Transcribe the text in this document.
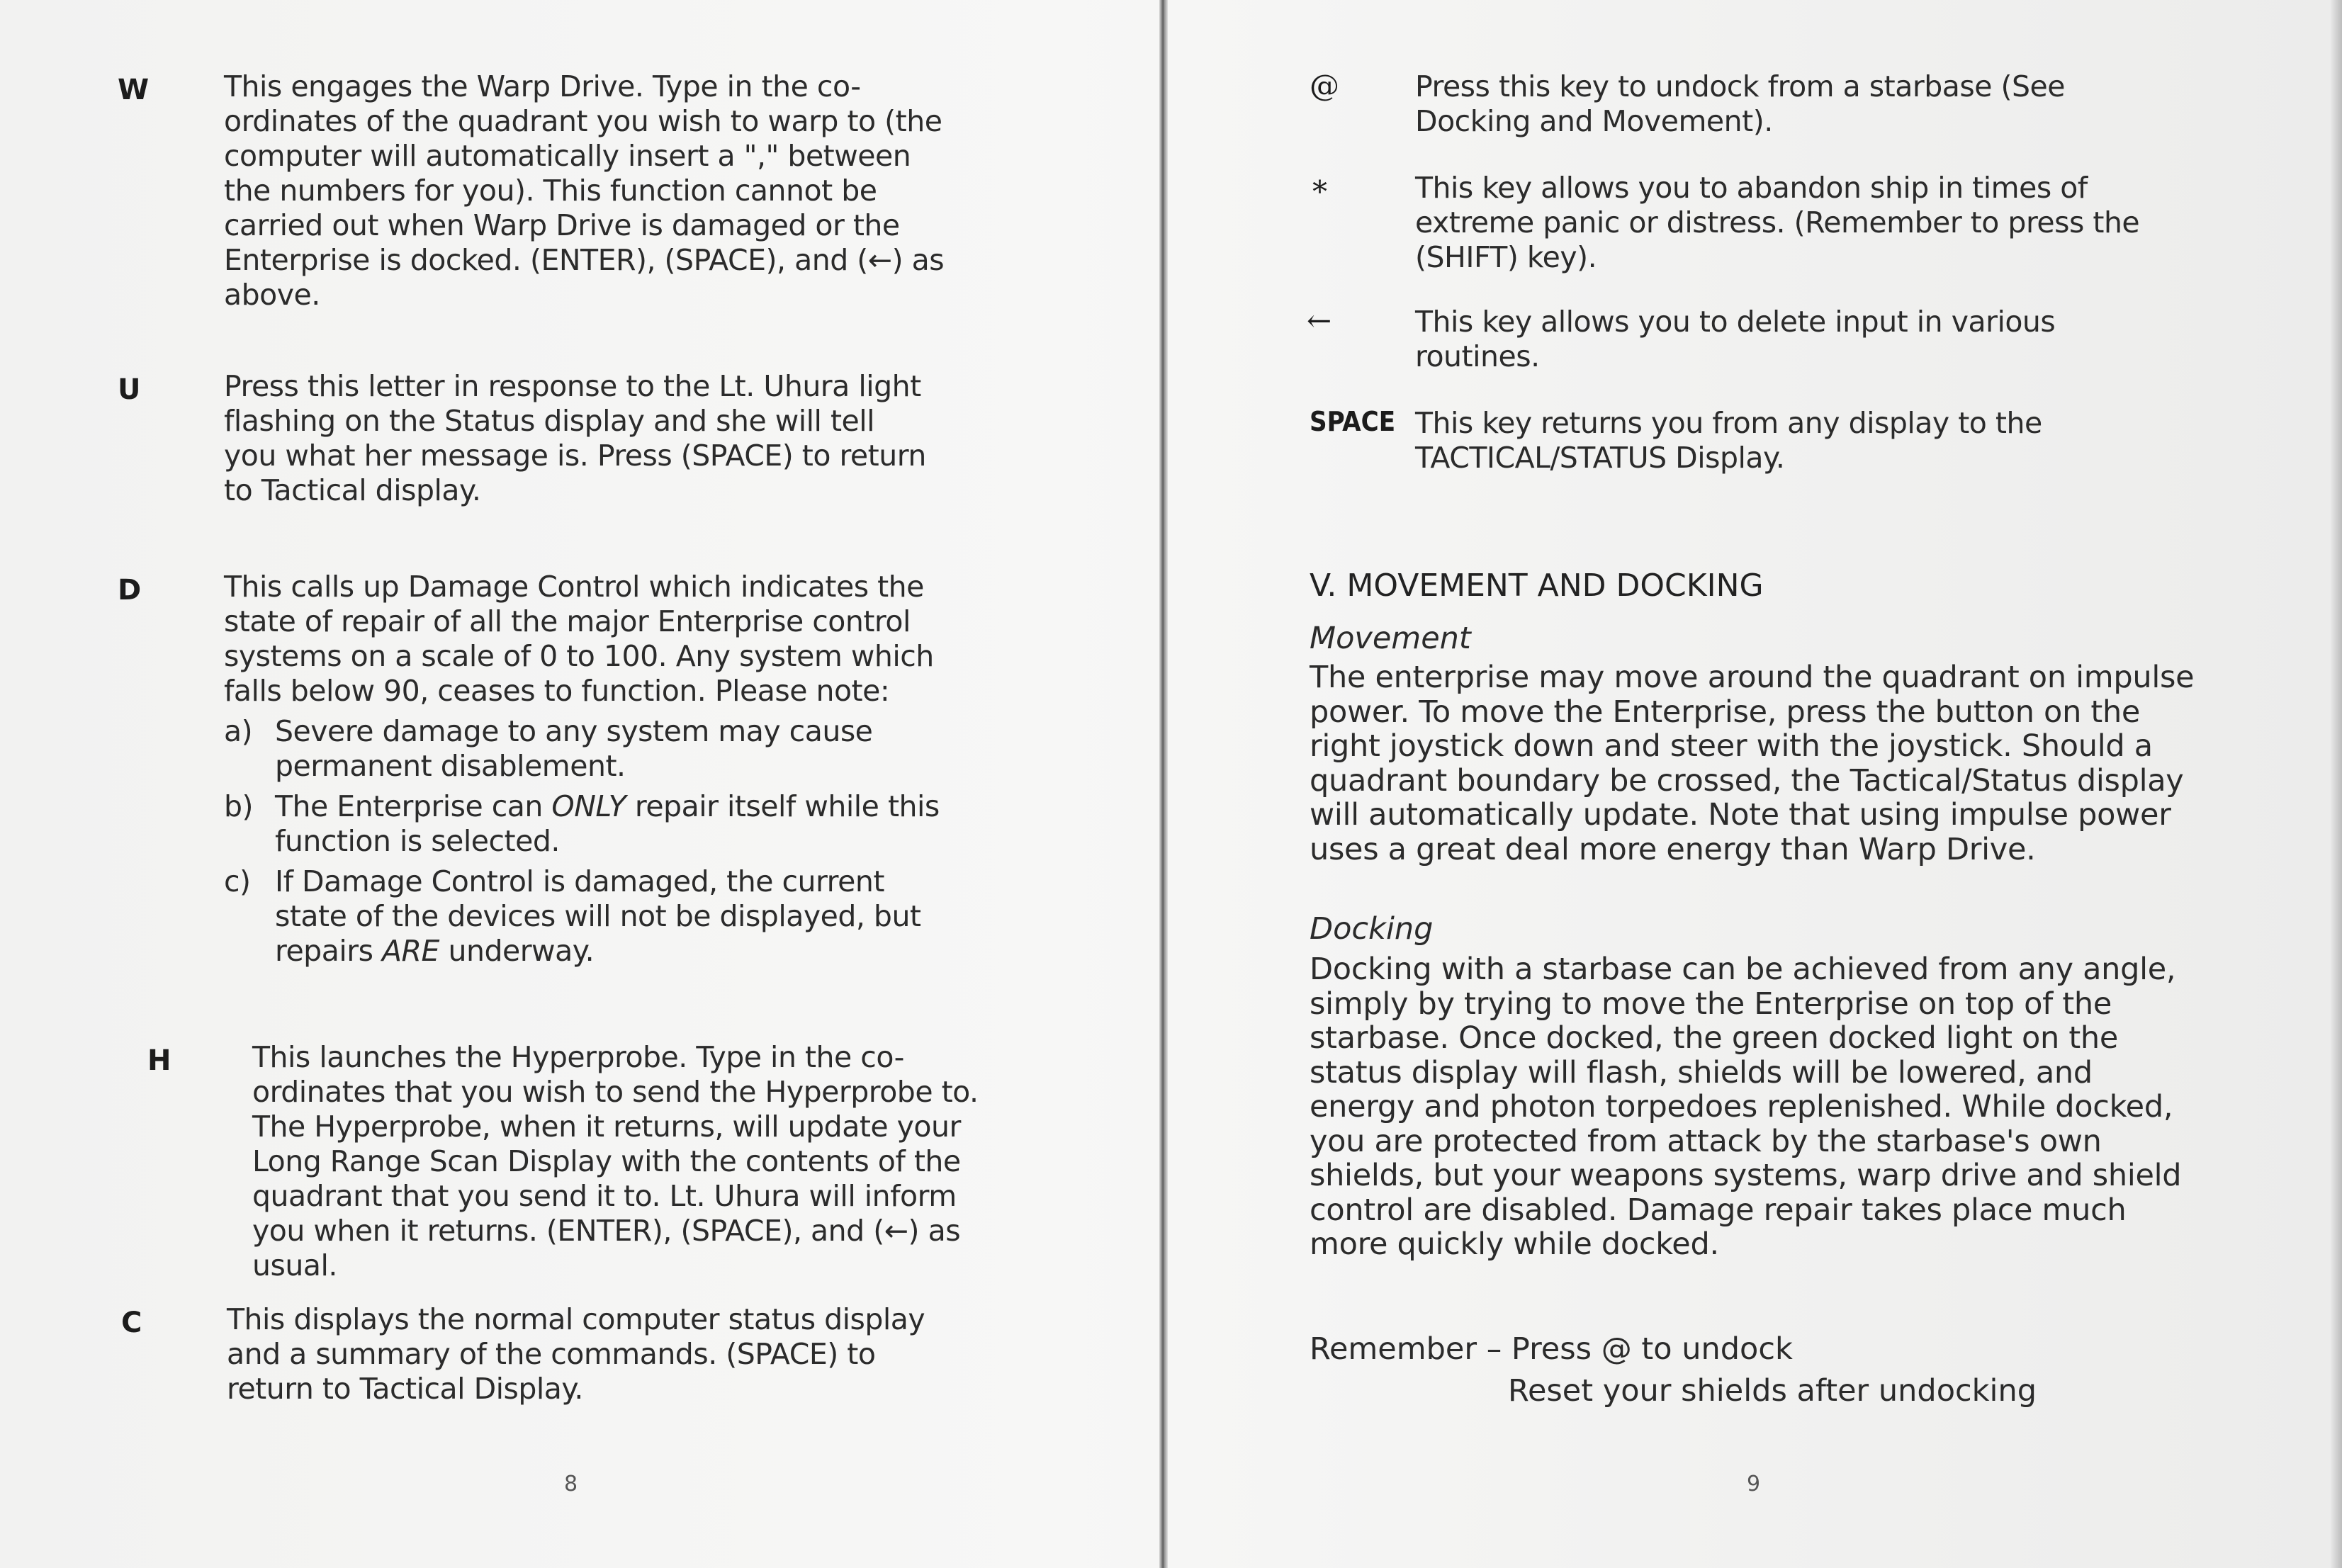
W	This engages the Warp Drive. Type in the co-ordinates of the quadrant you wish to warp to (the computer will automatically insert a "," between the numbers for you). This function cannot be carried out when Warp Drive is damaged or the Enterprise is docked. (ENTER), (SPACE), and (←) as above.

U	Press this letter in response to the Lt. Uhura light flashing on the Status display and she will tell you what her message is. Press (SPACE) to return to Tactical display.

D	This calls up Damage Control which indicates the state of repair of all the major Enterprise control systems on a scale of 0 to 100. Any system which falls below 90, ceases to function. Please note:

a) Severe damage to any system may cause permanent disablement.
b) The Enterprise can ONLY repair itself while this function is selected.
c) If Damage Control is damaged, the current state of the devices will not be displayed, but repairs ARE underway.
H	This launches the Hyperprobe. Type in the co-ordinates that you wish to send the Hyperprobe to. The Hyperprobe, when it returns, will update your Long Range Scan Display with the contents of the quadrant that you send it to. Lt. Uhura will inform you when it returns. (ENTER), (SPACE), and (←) as usual.

C	This displays the normal computer status display and a summary of the commands. (SPACE) to return to Tactical Display.

8
@	Press this key to undock from a starbase (See Docking and Movement).

*	This key allows you to abandon ship in times of extreme panic or distress. (Remember to press the (SHIFT) key).

←	This key allows you to delete input in various routines.

SPACE This key returns you from any display to the TACTICAL/STATUS Display.

V. MOVEMENT AND DOCKING
Movement
The enterprise may move around the quadrant on impulse power. To move the Enterprise, press the button on the right joystick down and steer with the joystick. Should a quadrant boundary be crossed, the Tactical/Status display will automatically update. Note that using impulse power uses a great deal more energy than Warp Drive.
Docking
Docking with a starbase can be achieved from any angle, simply by trying to move the Enterprise on top of the starbase. Once docked, the green docked light on the status display will flash, shields will be lowered, and energy and photon torpedoes replenished. While docked, you are protected from attack by the starbase's own shields, but your weapons systems, warp drive and shield control are disabled. Damage repair takes place much more quickly while docked.
Remember – Press @ to undock
Reset your shields after undocking
9
